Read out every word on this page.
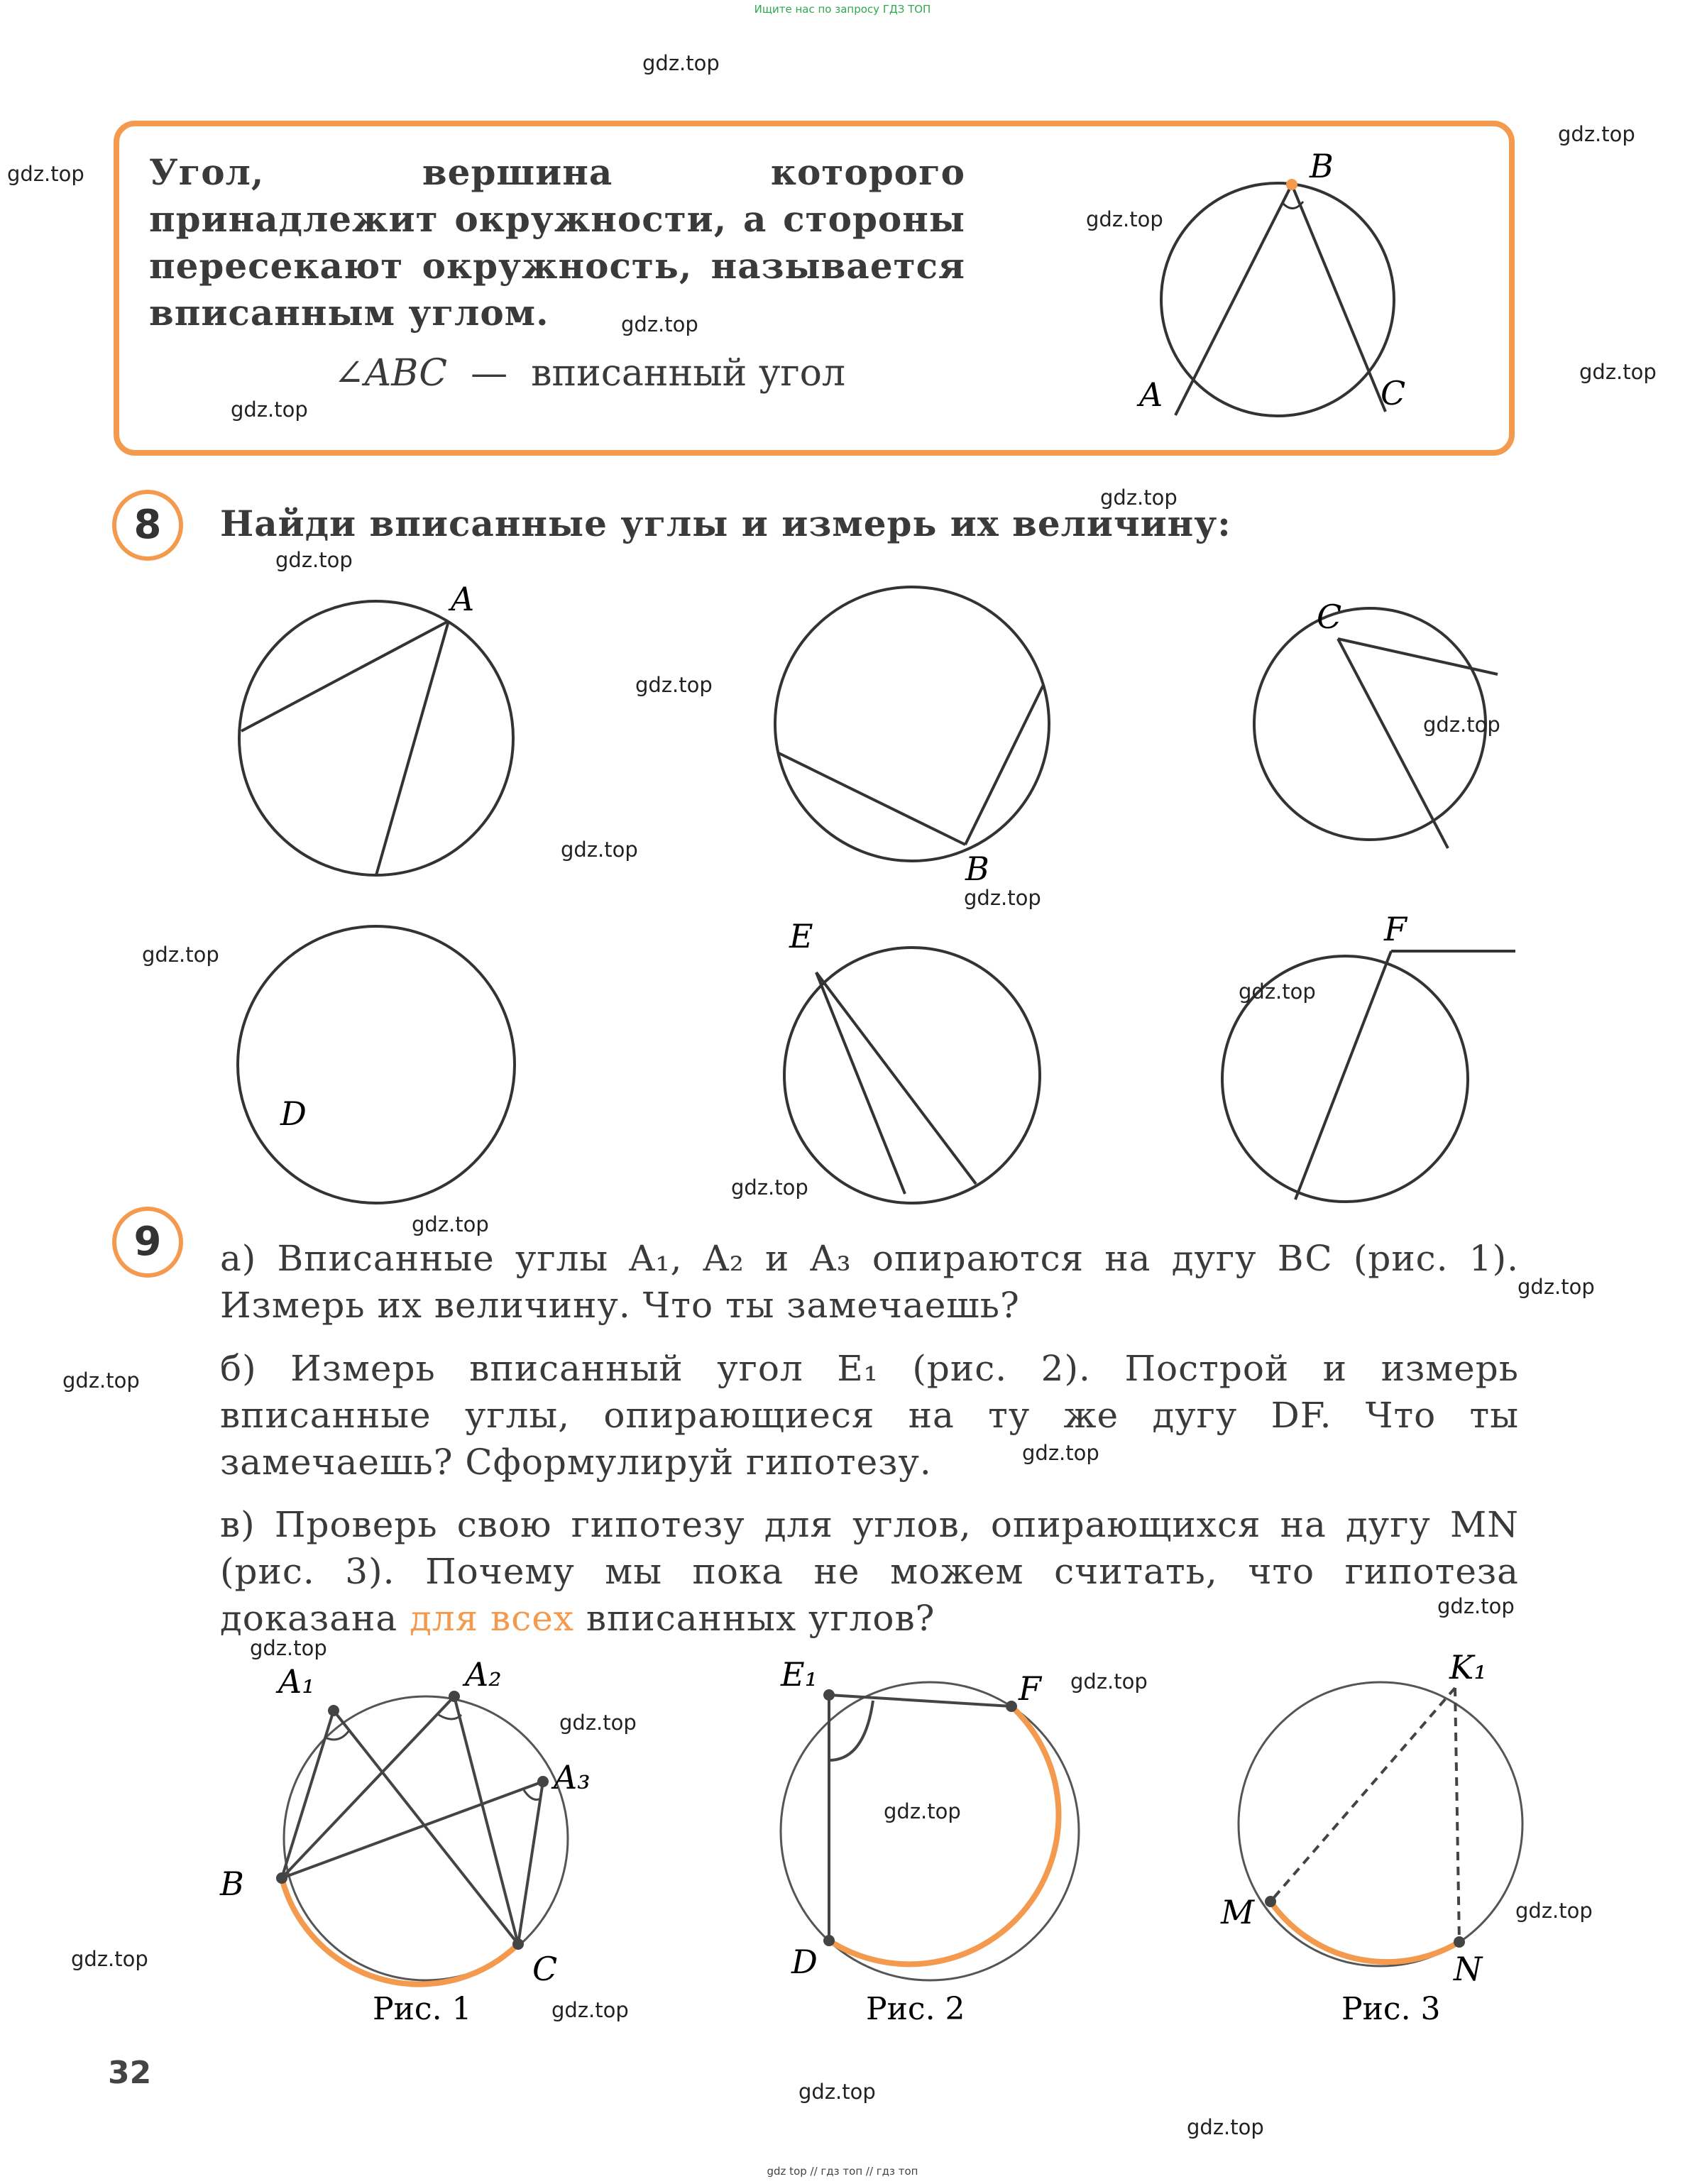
Ищите нас по запросу ГДЗ ТОП
Угол, вершина которого принадлежит окружности, а стороны пересекают окружность, называется вписанным углом.
∠ABC — вписанный угол
B
A	C
8	Найди вписанные углы и измерь их величину:
A
B
C
D
E	F
9	а) Вписанные углы A₁, A₂ и A₃ опираются на дугу BC (рис. 1). Измерь их величину. Что ты замечаешь?
б) Измерь вписанный угол E₁ (рис. 2). Построй и измерь вписанные углы, опирающиеся на ту же дугу DF. Что ты замечаешь? Сформулируй гипотезу.
в) Проверь свою гипотезу для углов, опирающихся на дугу MN (рис. 3). Почему мы пока не можем считать, что гипотеза доказана для всех вписанных углов?
A₁	A₂
A₃
B
C
Рис. 1
E₁	F
D
Рис. 2
K₁
M
N
Рис. 3
32
gdz.top
gdz.top
gdz.top
gdz.top
gdz.top
gdz.top
gdz.top
gdz.top
gdz.top
gdz.top
gdz.top
gdz.top
gdz.top
gdz.top
gdz.top
gdz.top
gdz.top
gdz.top
gdz.top
gdz.top
gdz.top
gdz.top
gdz.top
gdz.top
gdz.top
gdz.top
gdz.top
gdz.top
gdz.top
gdz.top
gdz top // гдз топ // гдз топ
